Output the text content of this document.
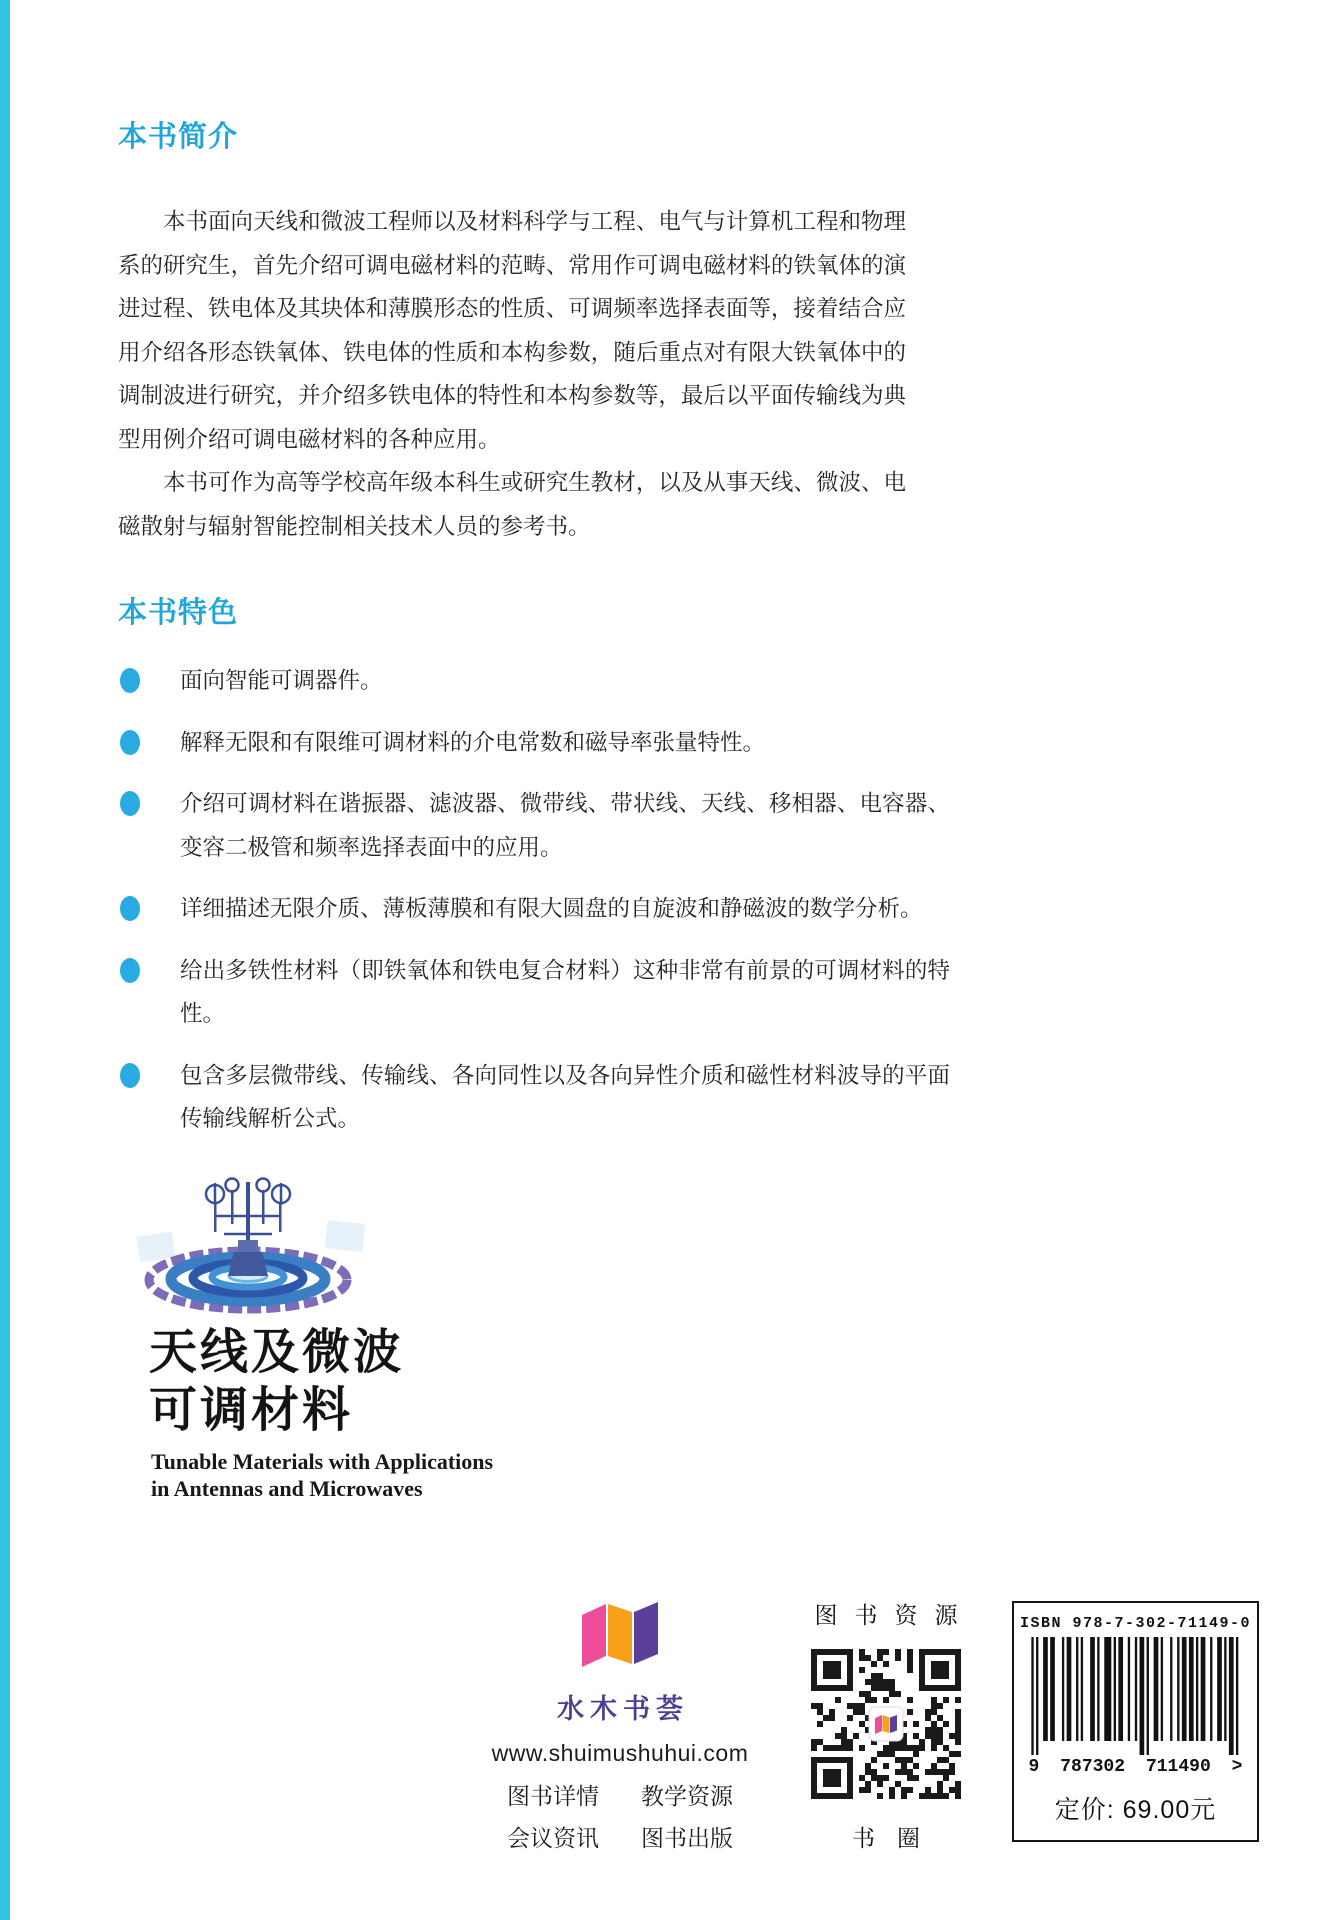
本书简介

本书面向天线和微波工程师以及材料科学与工程、电气与计算机工程和物理系的研究生，首先介绍可调电磁材料的范畴、常用作可调电磁材料的铁氧体的演进过程、铁电体及其块体和薄膜形态的性质、可调频率选择表面等，接着结合应用介绍各形态铁氧体、铁电体的性质和本构参数，随后重点对有限大铁氧体中的调制波进行研究，并介绍多铁电体的特性和本构参数等，最后以平面传输线为典型用例介绍可调电磁材料的各种应用。

本书可作为高等学校高年级本科生或研究生教材，以及从事天线、微波、电磁散射与辐射智能控制相关技术人员的参考书。

本书特色
面向智能可调器件。
解释无限和有限维可调材料的介电常数和磁导率张量特性。
介绍可调材料在谐振器、滤波器、微带线、带状线、天线、移相器、电容器、变容二极管和频率选择表面中的应用。
详细描述无限介质、薄板薄膜和有限大圆盘的自旋波和静磁波的数学分析。
给出多铁性材料（即铁氧体和铁电复合材料）这种非常有前景的可调材料的特性。
包含多层微带线、传输线、各向同性以及各向异性介质和磁性材料波导的平面传输线解析公式。
天线及微波
可调材料
Tunable Materials with Applications
in Antennas and Microwaves
水木书荟
www.shuimushuhui.com
图书详情 教学资源
会议资讯 图书出版
图书资源
书圈
ISBN 978-7-302-71149-0
9 787302 711490 >
定价: 69.00元
